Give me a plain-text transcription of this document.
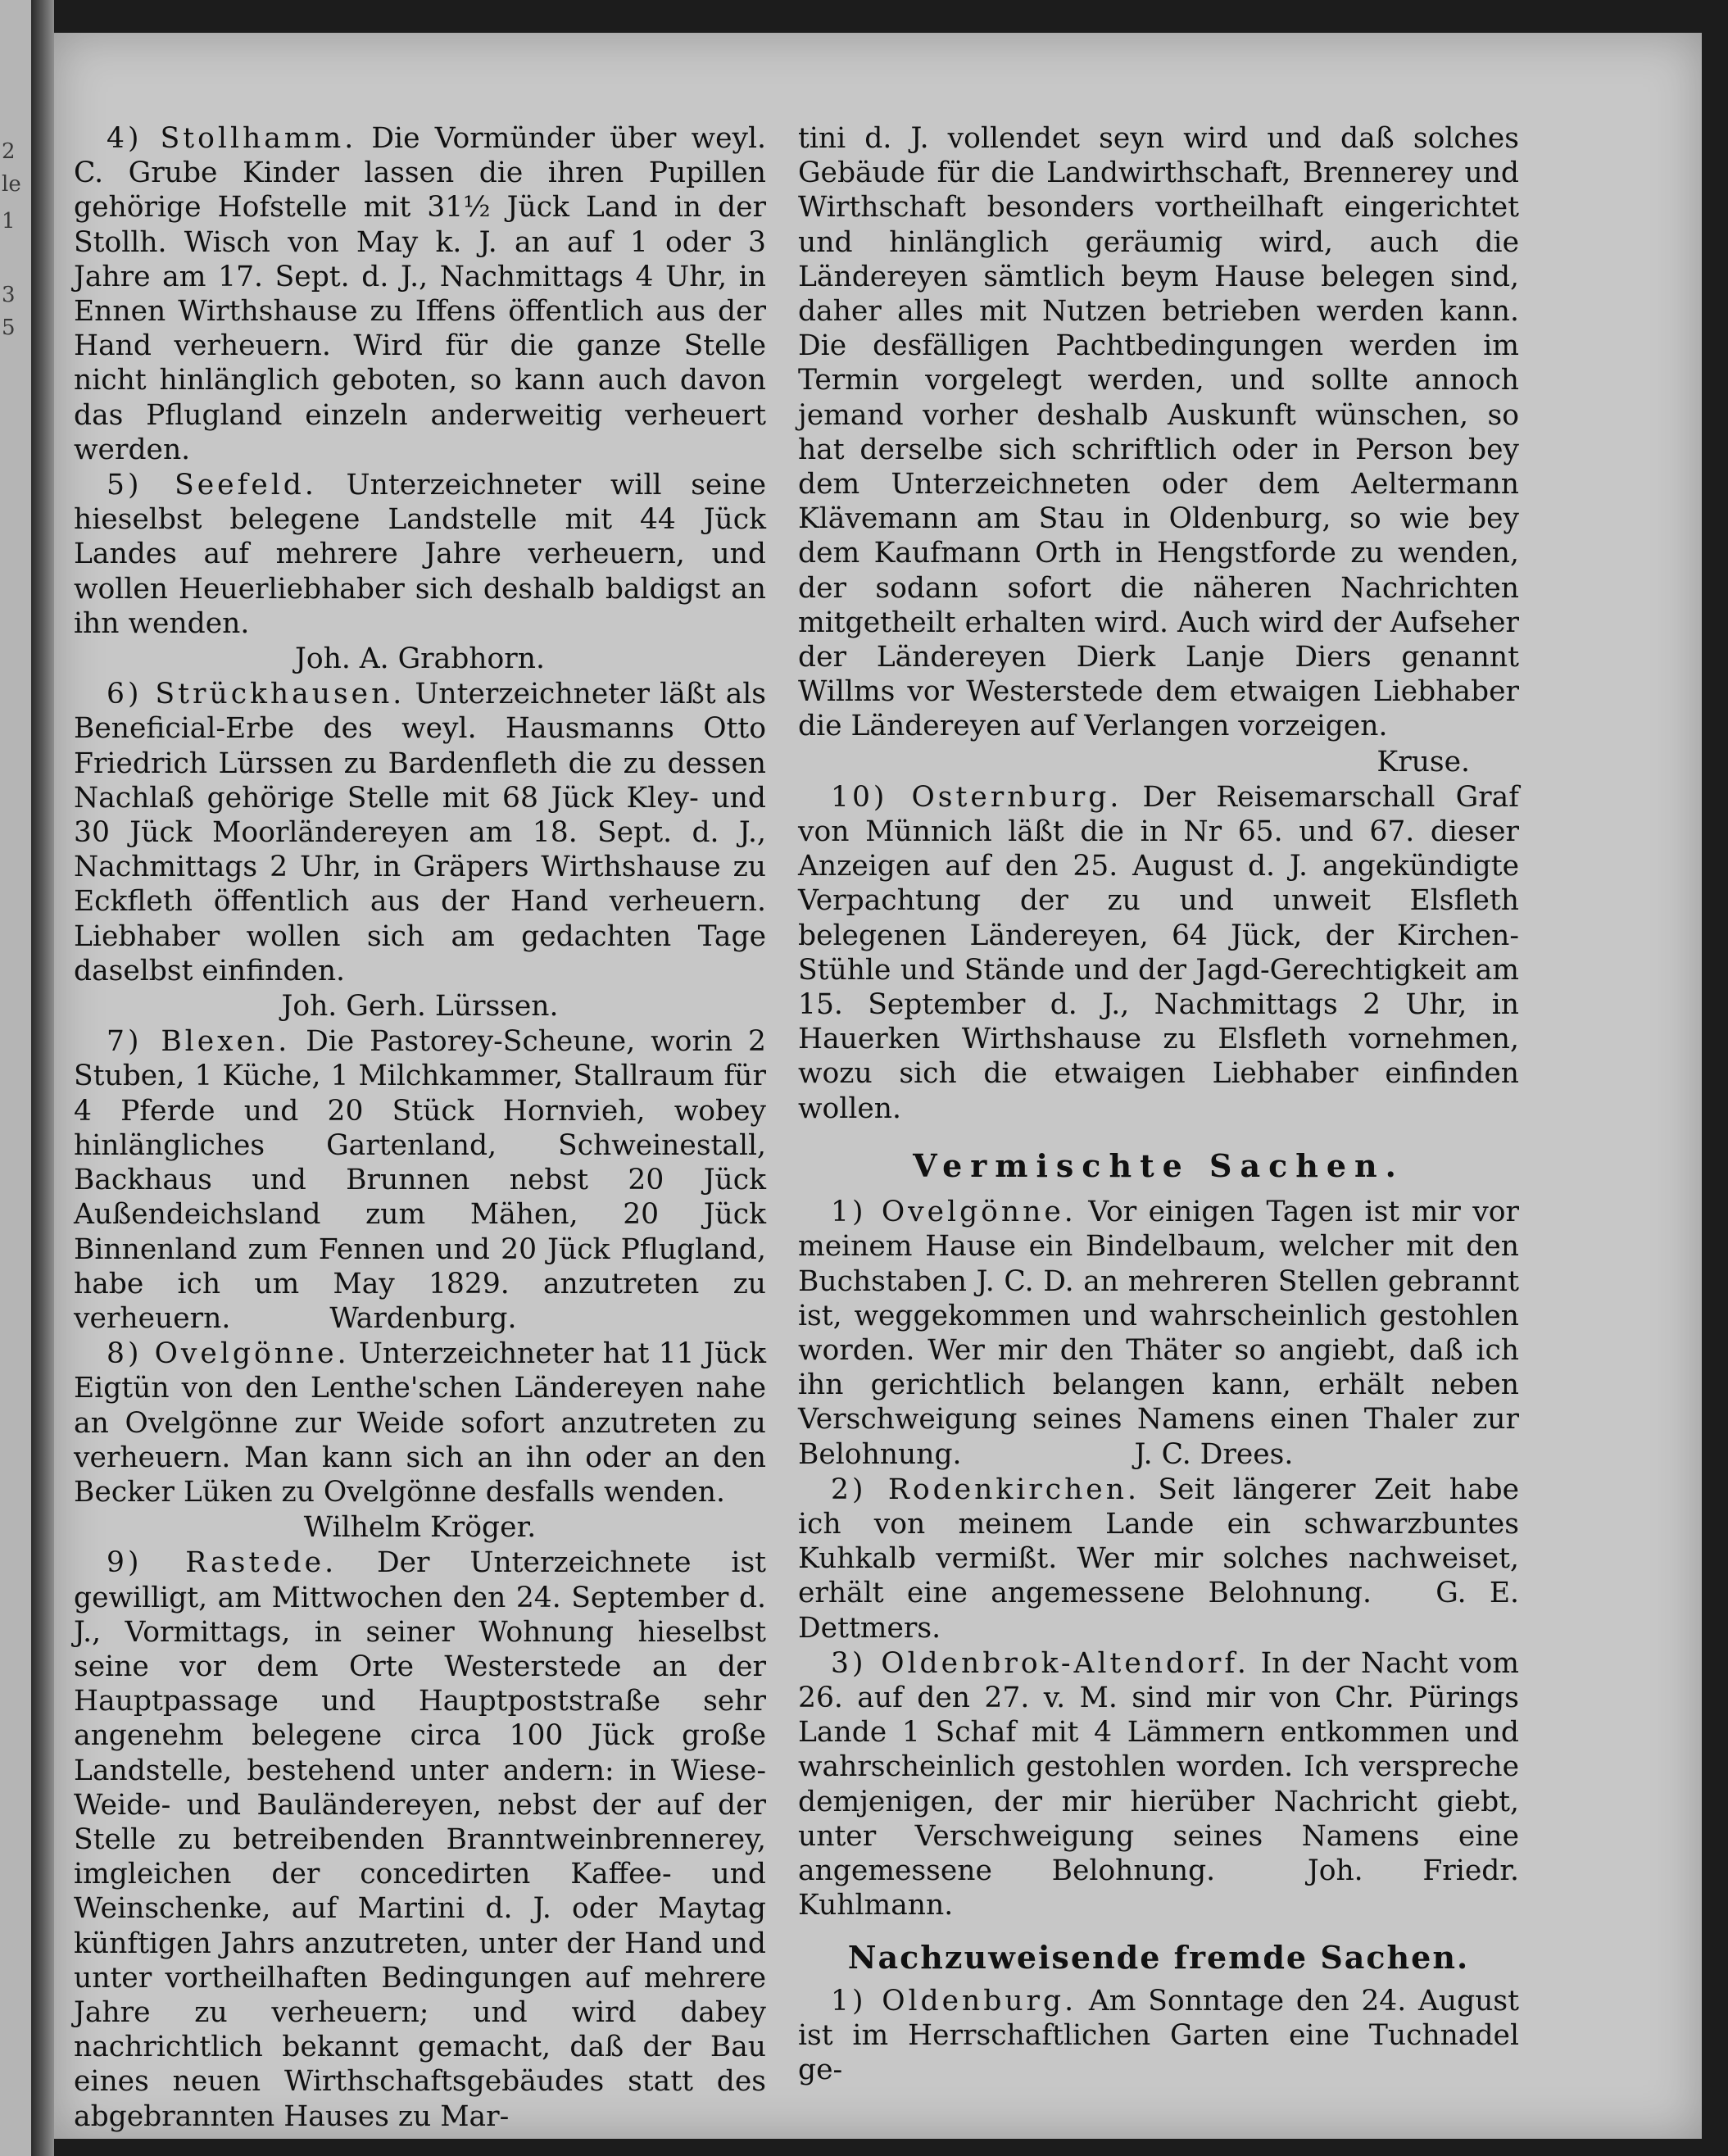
2
le
1
3
5

4) Stollhamm. Die Vormünder über weyl. C. Grube Kinder lassen die ihren Pupillen gehörige Hofstelle mit 31½ Jück Land in der Stollh. Wisch von May k. J. an auf 1 oder 3 Jahre am 17. Sept. d. J., Nachmittags 4 Uhr, in Ennen Wirthshause zu Iffens öffentlich aus der Hand verheuern. Wird für die ganze Stelle nicht hinlänglich geboten, so kann auch davon das Pflugland einzeln anderweitig verheuert werden.

5) Seefeld. Unterzeichneter will seine hieselbst belegene Landstelle mit 44 Jück Landes auf mehrere Jahre verheuern, und wollen Heuerliebhaber sich deshalb baldigst an ihn wenden.

Joh. A. Grabhorn.

6) Strückhausen. Unterzeichneter läßt als Beneficial-Erbe des weyl. Hausmanns Otto Friedrich Lürssen zu Bardenfleth die zu dessen Nachlaß gehörige Stelle mit 68 Jück Kley- und 30 Jück Moorländereyen am 18. Sept. d. J., Nachmittags 2 Uhr, in Gräpers Wirthshause zu Eckfleth öffentlich aus der Hand verheuern. Liebhaber wollen sich am gedachten Tage daselbst einfinden.

Joh. Gerh. Lürssen.

7) Blexen. Die Pastorey-Scheune, worin 2 Stuben, 1 Küche, 1 Milchkammer, Stallraum für 4 Pferde und 20 Stück Hornvieh, wobey hinlängliches Gartenland, Schweinestall, Backhaus und Brunnen nebst 20 Jück Außendeichsland zum Mähen, 20 Jück Binnenland zum Fennen und 20 Jück Pflugland, habe ich um May 1829. anzutreten zu verheuern.	Wardenburg.

8) Ovelgönne. Unterzeichneter hat 11 Jück Eigtün von den Lenthe'schen Ländereyen nahe an Ovelgönne zur Weide sofort anzutreten zu verheuern. Man kann sich an ihn oder an den Becker Lüken zu Ovelgönne desfalls wenden.

Wilhelm Kröger.

9) Rastede. Der Unterzeichnete ist gewilligt, am Mittwochen den 24. September d. J., Vormittags, in seiner Wohnung hieselbst seine vor dem Orte Westerstede an der Hauptpassage und Hauptpoststraße sehr angenehm belegene circa 100 Jück große Landstelle, bestehend unter andern: in Wiese-Weide- und Bauländereyen, nebst der auf der Stelle zu betreibenden Branntweinbrennerey, imgleichen der concedirten Kaffee- und Weinschenke, auf Martini d. J. oder Maytag künftigen Jahrs anzutreten, unter der Hand und unter vortheilhaften Bedingungen auf mehrere Jahre zu verheuern; und wird dabey nachrichtlich bekannt gemacht, daß der Bau eines neuen Wirthschaftsgebäudes statt des abgebrannten Hauses zu Mar-

tini d. J. vollendet seyn wird und daß solches Gebäude für die Landwirthschaft, Brennerey und Wirthschaft besonders vortheilhaft eingerichtet und hinlänglich geräumig wird, auch die Ländereyen sämtlich beym Hause belegen sind, daher alles mit Nutzen betrieben werden kann. Die desfälligen Pachtbedingungen werden im Termin vorgelegt werden, und sollte annoch jemand vorher deshalb Auskunft wünschen, so hat derselbe sich schriftlich oder in Person bey dem Unterzeichneten oder dem Aeltermann Klävemann am Stau in Oldenburg, so wie bey dem Kaufmann Orth in Hengstforde zu wenden, der sodann sofort die näheren Nachrichten mitgetheilt erhalten wird. Auch wird der Aufseher der Ländereyen Dierk Lanje Diers genannt Willms vor Westerstede dem etwaigen Liebhaber die Ländereyen auf Verlangen vorzeigen.

Kruse.

10) Osternburg. Der Reisemarschall Graf von Münnich läßt die in Nr 65. und 67. dieser Anzeigen auf den 25. August d. J. angekündigte Verpachtung der zu und unweit Elsfleth belegenen Ländereyen, 64 Jück, der Kirchen-Stühle und Stände und der Jagd-Gerechtigkeit am 15. September d. J., Nachmittags 2 Uhr, in Hauerken Wirthshause zu Elsfleth vornehmen, wozu sich die etwaigen Liebhaber einfinden wollen.

Vermischte Sachen.

1) Ovelgönne. Vor einigen Tagen ist mir vor meinem Hause ein Bindelbaum, welcher mit den Buchstaben J. C. D. an mehreren Stellen gebrannt ist, weggekommen und wahrscheinlich gestohlen worden. Wer mir den Thäter so angiebt, daß ich ihn gerichtlich belangen kann, erhält neben Verschweigung seines Namens einen Thaler zur Belohnung.	J. C. Drees.

2) Rodenkirchen. Seit längerer Zeit habe ich von meinem Lande ein schwarzbuntes Kuhkalb vermißt. Wer mir solches nachweiset, erhält eine angemessene Belohnung. G. E. Dettmers.

3) Oldenbrok-Altendorf. In der Nacht vom 26. auf den 27. v. M. sind mir von Chr. Pürings Lande 1 Schaf mit 4 Lämmern entkommen und wahrscheinlich gestohlen worden. Ich verspreche demjenigen, der mir hierüber Nachricht giebt, unter Verschweigung seines Namens eine angemessene Belohnung.	Joh. Friedr. Kuhlmann.

Nachzuweisende fremde Sachen.

1) Oldenburg. Am Sonntage den 24. August ist im Herrschaftlichen Garten eine Tuchnadel ge-
